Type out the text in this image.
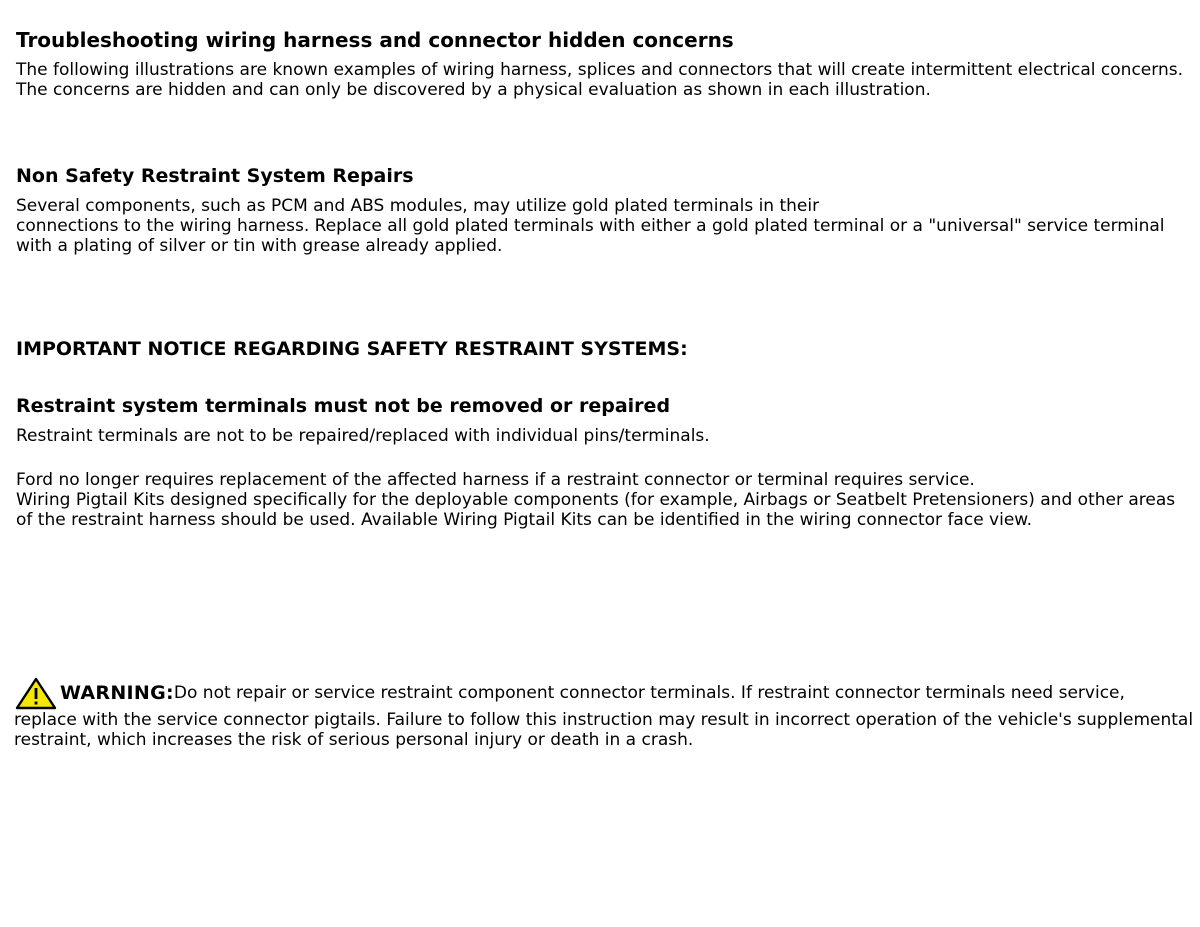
Troubleshooting wiring harness and connector hidden concerns
The following illustrations are known examples of wiring harness, splices and connectors that will create intermittent electrical concerns.
The concerns are hidden and can only be discovered by a physical evaluation as shown in each illustration.
Non Safety Restraint System Repairs
Several components, such as PCM and ABS modules, may utilize gold plated terminals in their
connections to the wiring harness. Replace all gold plated terminals with either a gold plated terminal or a "universal" service terminal
with a plating of silver or tin with grease already applied.
IMPORTANT NOTICE REGARDING SAFETY RESTRAINT SYSTEMS:
Restraint system terminals must not be removed or repaired
Restraint terminals are not to be repaired/replaced with individual pins/terminals.
Ford no longer requires replacement of the affected harness if a restraint connector or terminal requires service.
Wiring Pigtail Kits designed specifically for the deployable components (for example, Airbags or Seatbelt Pretensioners) and other areas
of the restraint harness should be used. Available Wiring Pigtail Kits can be identified in the wiring connector face view.
WARNING: Do not repair or service restraint component connector terminals. If restraint connector terminals need service,
replace with the service connector pigtails. Failure to follow this instruction may result in incorrect operation of the vehicle's supplemental
restraint, which increases the risk of serious personal injury or death in a crash.
